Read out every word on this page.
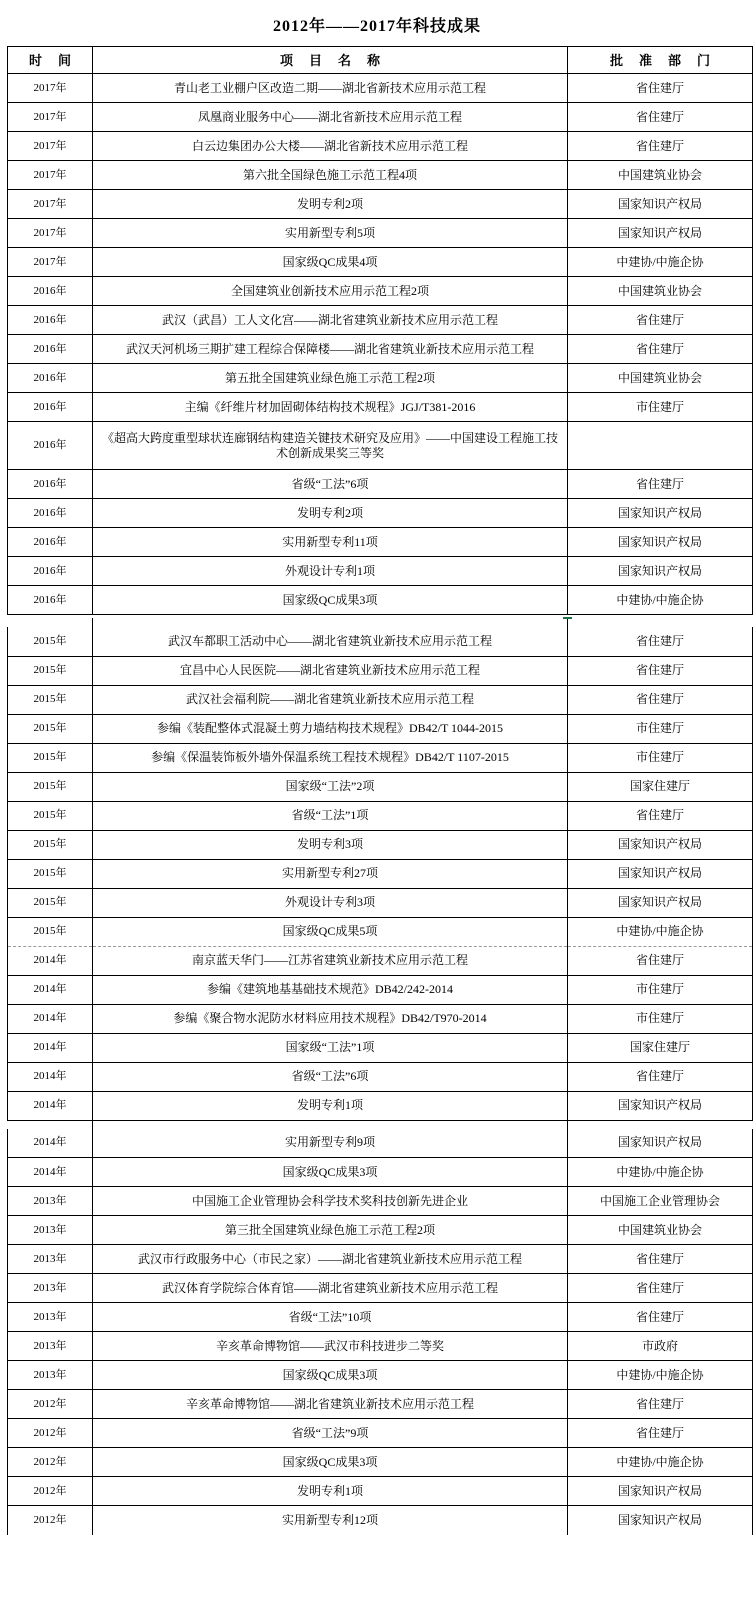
2012年——2017年科技成果
时间	项目名称	批准部门
2017年	青山老工业棚户区改造二期——湖北省新技术应用示范工程	省住建厅
2017年	凤凰商业服务中心——湖北省新技术应用示范工程	省住建厅
2017年	白云边集团办公大楼——湖北省新技术应用示范工程	省住建厅
2017年	第六批全国绿色施工示范工程4项	中国建筑业协会
2017年	发明专利2项	国家知识产权局
2017年	实用新型专利5项	国家知识产权局
2017年	国家级QC成果4项	中建协/中施企协
2016年	全国建筑业创新技术应用示范工程2项	中国建筑业协会
2016年	武汉（武昌）工人文化宫——湖北省建筑业新技术应用示范工程	省住建厅
2016年	武汉天河机场三期扩建工程综合保障楼——湖北省建筑业新技术应用示范工程	省住建厅
2016年	第五批全国建筑业绿色施工示范工程2项	中国建筑业协会
2016年	主编《纤维片材加固砌体结构技术规程》JGJ/T381-2016	市住建厅
2016年	《超高大跨度重型球状连廊钢结构建造关键技术研究及应用》——中国建设工程施工技术创新成果奖三等奖	
2016年	省级“工法”6项	省住建厅
2016年	发明专利2项	国家知识产权局
2016年	实用新型专利11项	国家知识产权局
2016年	外观设计专利1项	国家知识产权局
2016年	国家级QC成果3项	中建协/中施企协
2015年	武汉车都职工活动中心——湖北省建筑业新技术应用示范工程	省住建厅
2015年	宜昌中心人民医院——湖北省建筑业新技术应用示范工程	省住建厅
2015年	武汉社会福利院——湖北省建筑业新技术应用示范工程	省住建厅
2015年	参编《装配整体式混凝土剪力墙结构技术规程》DB42/T 1044-2015	市住建厅
2015年	参编《保温装饰板外墙外保温系统工程技术规程》DB42/T 1107-2015	市住建厅
2015年	国家级“工法”2项	国家住建厅
2015年	省级“工法”1项	省住建厅
2015年	发明专利3项	国家知识产权局
2015年	实用新型专利27项	国家知识产权局
2015年	外观设计专利3项	国家知识产权局
2015年	国家级QC成果5项	中建协/中施企协
2014年	南京蓝天华门——江苏省建筑业新技术应用示范工程	省住建厅
2014年	参编《建筑地基基础技术规范》DB42/242-2014	市住建厅
2014年	参编《聚合物水泥防水材料应用技术规程》DB42/T970-2014	市住建厅
2014年	国家级“工法”1项	国家住建厅
2014年	省级“工法”6项	省住建厅
2014年	发明专利1项	国家知识产权局
2014年	实用新型专利9项	国家知识产权局
2014年	国家级QC成果3项	中建协/中施企协
2013年	中国施工企业管理协会科学技术奖科技创新先进企业	中国施工企业管理协会
2013年	第三批全国建筑业绿色施工示范工程2项	中国建筑业协会
2013年	武汉市行政服务中心（市民之家）——湖北省建筑业新技术应用示范工程	省住建厅
2013年	武汉体育学院综合体育馆——湖北省建筑业新技术应用示范工程	省住建厅
2013年	省级“工法”10项	省住建厅
2013年	辛亥革命博物馆——武汉市科技进步二等奖	市政府
2013年	国家级QC成果3项	中建协/中施企协
2012年	辛亥革命博物馆——湖北省建筑业新技术应用示范工程	省住建厅
2012年	省级“工法”9项	省住建厅
2012年	国家级QC成果3项	中建协/中施企协
2012年	发明专利1项	国家知识产权局
2012年	实用新型专利12项	国家知识产权局
